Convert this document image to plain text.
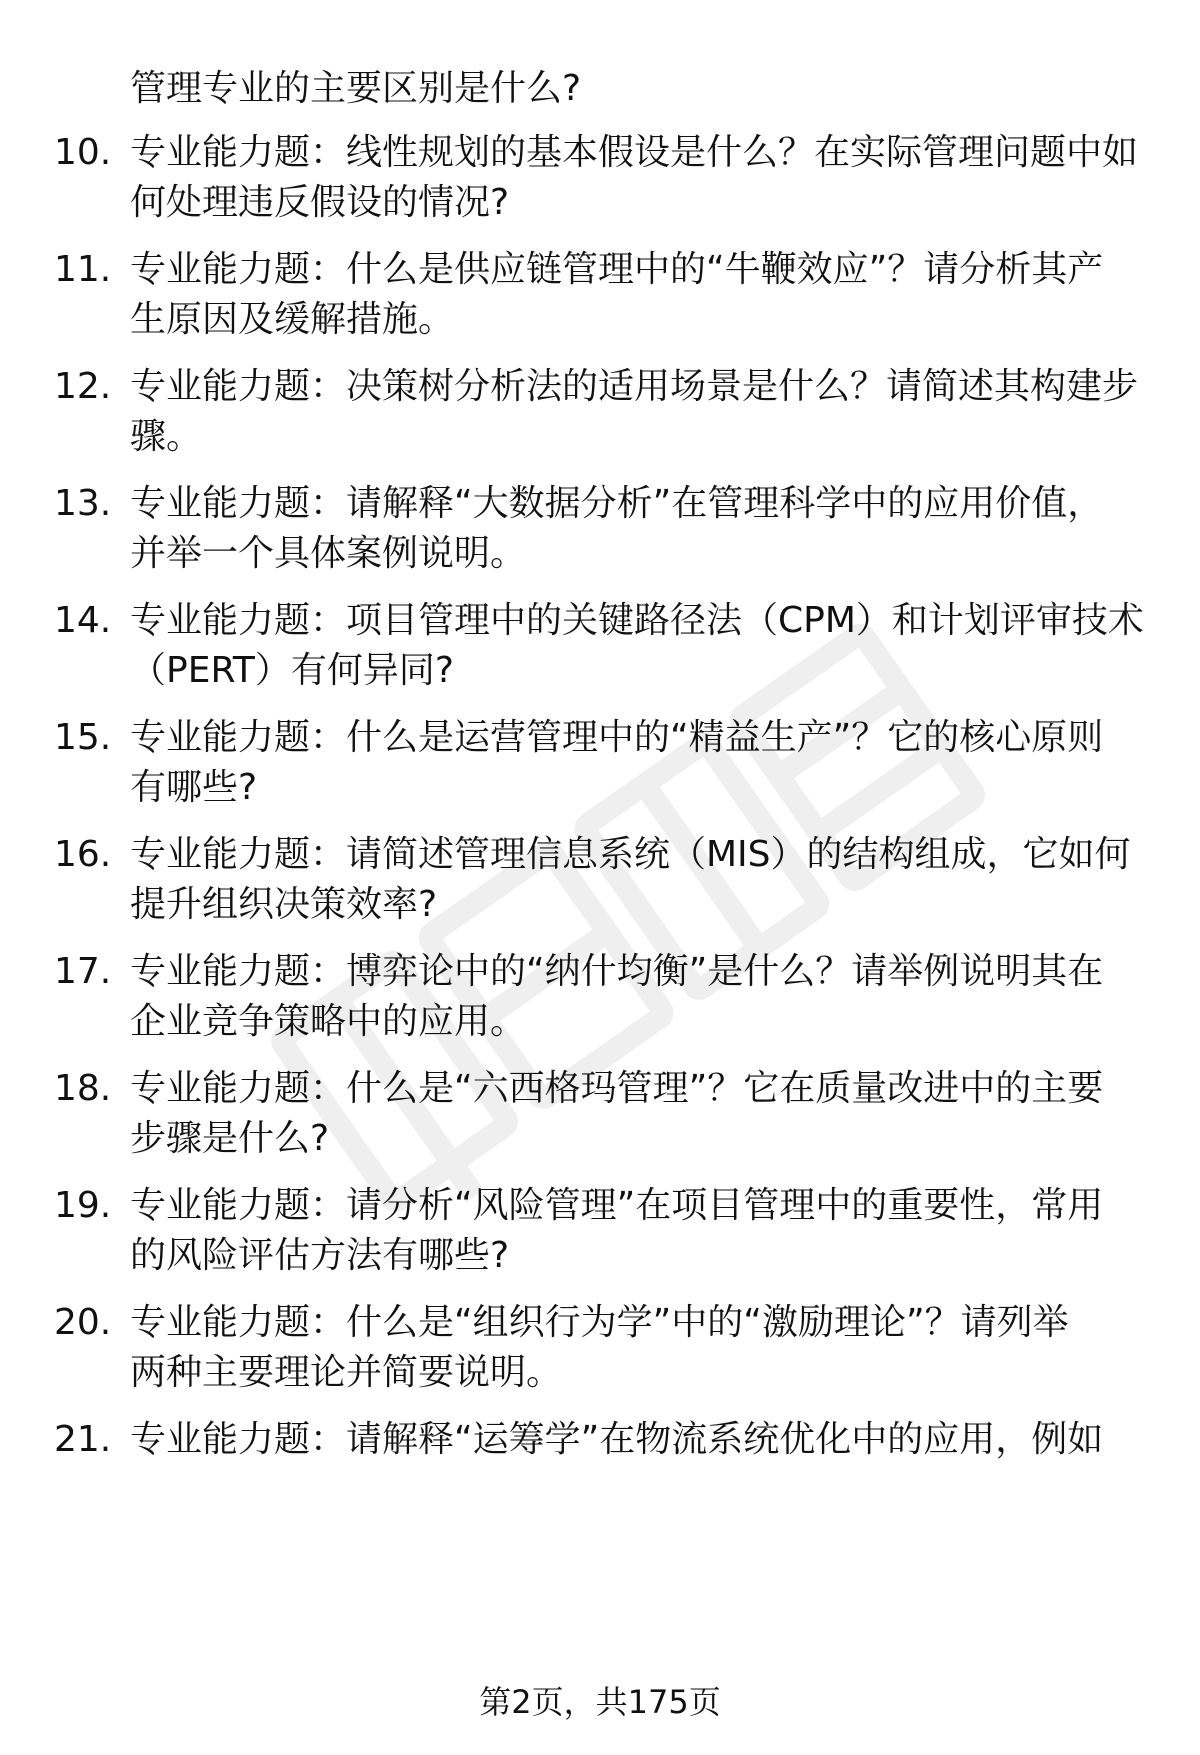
管理专业的主要区别是什么?
10. 专业能力题：线性规划的基本假设是什么？在实际管理问题中如
何处理违反假设的情况?
11. 专业能力题：什么是供应链管理中的“牛鞭效应”？请分析其产
生原因及缓解措施。
12. 专业能力题：决策树分析法的适用场景是什么？请简述其构建步
骤。
13. 专业能力题：请解释“大数据分析”在管理科学中的应用价值，
并举一个具体案例说明。
14. 专业能力题：项目管理中的关键路径法（CPM）和计划评审技术
（PERT）有何异同?
15. 专业能力题：什么是运营管理中的“精益生产”？它的核心原则
有哪些?
16. 专业能力题：请简述管理信息系统（MIS）的结构组成，它如何
提升组织决策效率?
17. 专业能力题：博弈论中的“纳什均衡”是什么？请举例说明其在
企业竞争策略中的应用。
18. 专业能力题：什么是“六西格玛管理”？它在质量改进中的主要
步骤是什么?
19. 专业能力题：请分析“风险管理”在项目管理中的重要性，常用
的风险评估方法有哪些?
20. 专业能力题：什么是“组织行为学”中的“激励理论”？请列举
两种主要理论并简要说明。
21. 专业能力题：请解释“运筹学”在物流系统优化中的应用，例如
第2页，共175页
